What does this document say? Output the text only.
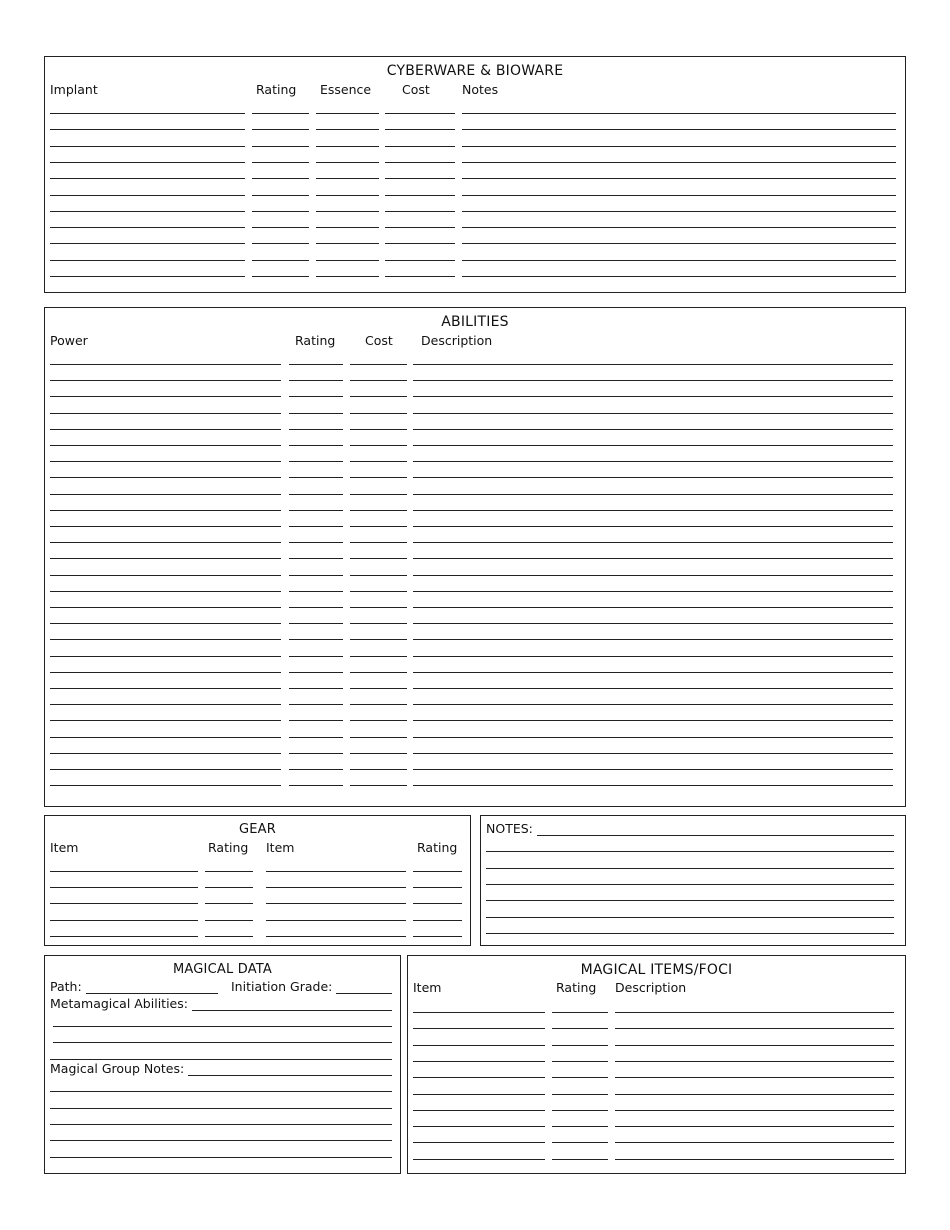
CYBERWARE & BIOWARE
Implant	Rating Essence Cost	Notes
ABILITIES
Power	Rating Cost Description
GEAR
Item	Rating Item	Rating
NOTES:
MAGICAL DATA
Path:	Initiation Grade:
Metamagical Abilities:
Magical Group Notes:
MAGICAL ITEMS/FOCI
Item	Rating Description
